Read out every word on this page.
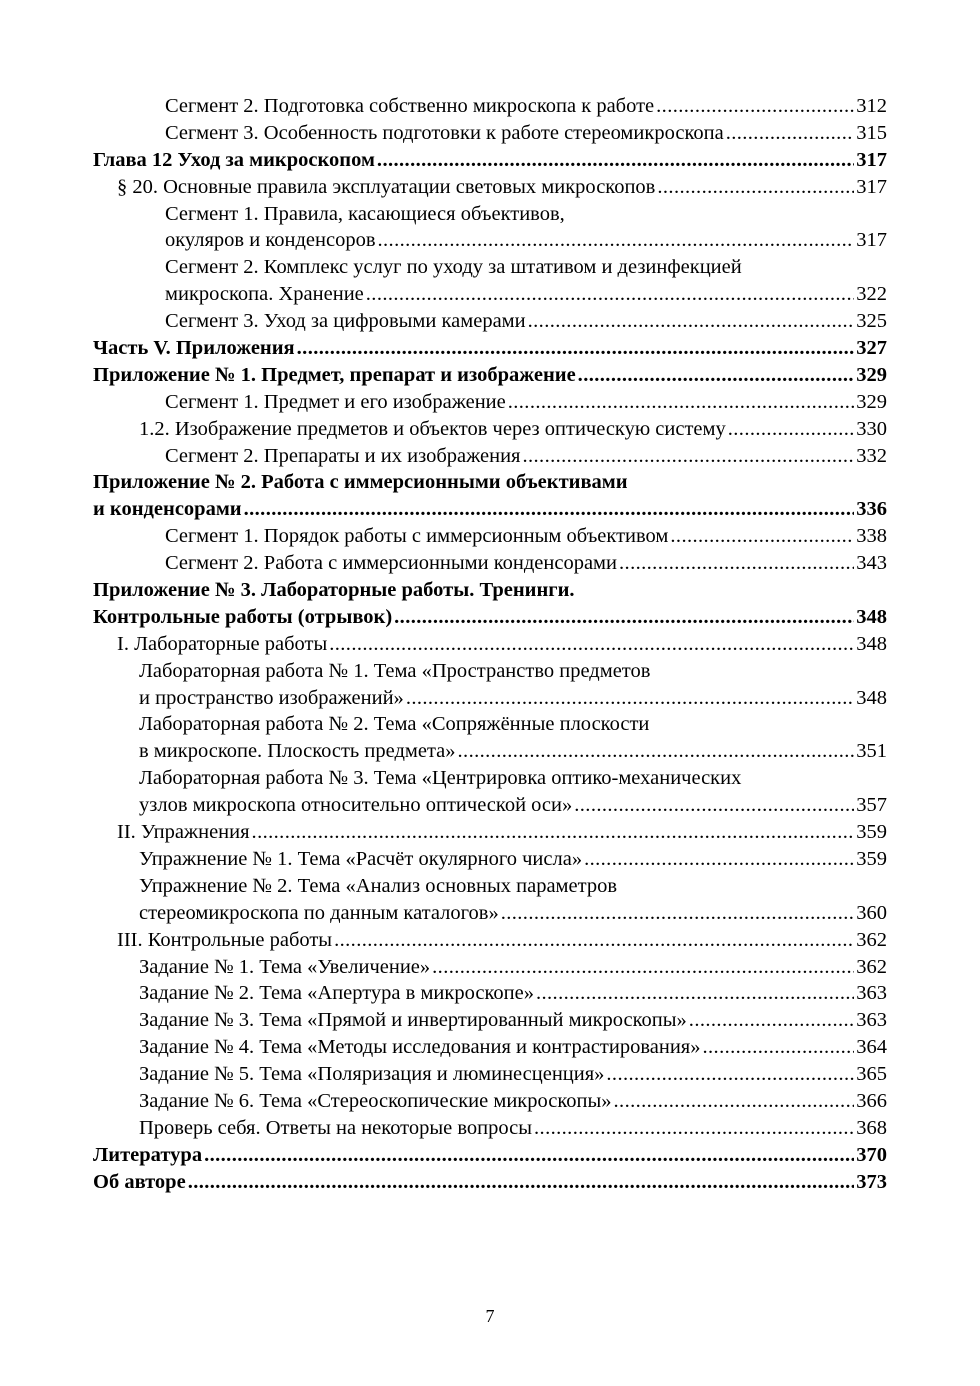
Сегмент 2. Подготовка собственно микроскопа к работе .....	312
Сегмент 3. Особенность подготовки к работе стереомикроскопа .....	315
Глава 12 Уход за микроскопом .....	317
§ 20. Основные правила эксплуатации световых микроскопов .....	317
Сегмент 1. Правила, касающиеся объективов,
окуляров и конденсоров .....	317
Сегмент 2. Комплекс услуг по уходу за штативом и дезинфекцией
микроскопа. Хранение .....	322
Сегмент 3. Уход за цифровыми камерами .....	325
Часть V. Приложения .....	327
Приложение № 1. Предмет, препарат и изображение .....	329
Сегмент 1. Предмет и его изображение .....	329
1.2. Изображение предметов и объектов через оптическую систему .....	330
Сегмент 2. Препараты и их изображения .....	332
Приложение № 2. Работа с иммерсионными объективами
и конденсорами .....	336
Сегмент 1. Порядок работы с иммерсионным объективом .....	338
Сегмент 2. Работа с иммерсионными конденсорами .....	343
Приложение № 3. Лабораторные работы. Тренинги.
Контрольные работы (отрывок) .....	348
I. Лабораторные работы .....	348
Лабораторная работа № 1. Тема «Пространство предметов
и пространство изображений» .....	348
Лабораторная работа № 2. Тема «Сопряжённые плоскости
в микроскопе. Плоскость предмета» .....	351
Лабораторная работа № 3. Тема «Центрировка оптико-механических
узлов микроскопа относительно оптической оси» .....	357
II. Упражнения .....	359
Упражнение № 1. Тема «Расчёт окулярного числа» .....	359
Упражнение № 2. Тема «Анализ основных параметров
стереомикроскопа по данным каталогов» .....	360
III. Контрольные работы .....	362
Задание № 1. Тема «Увеличение» .....	362
Задание № 2. Тема «Апертура в микроскопе» .....	363
Задание № 3. Тема «Прямой и инвертированный микроскопы» .....	363
Задание № 4. Тема «Методы исследования и контрастирования» .....	364
Задание № 5. Тема «Поляризация и люминесценция» .....	365
Задание № 6. Тема «Стереоскопические микроскопы» .....	366
Проверь себя. Ответы на некоторые вопросы .....	368
Литература .....	370
Об авторе .....	373
7
